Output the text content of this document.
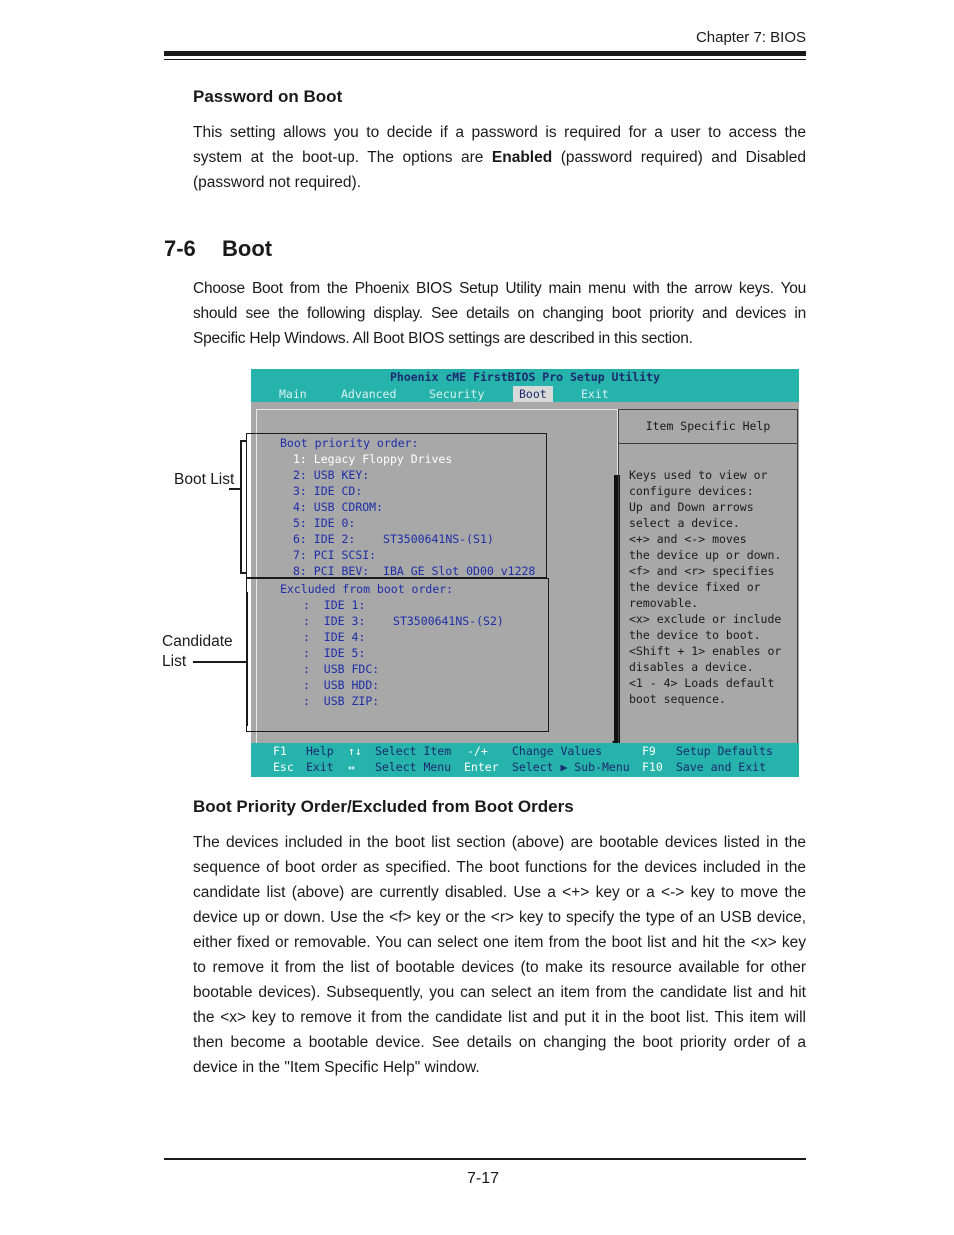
Chapter 7: BIOS
Password on Boot

This setting allows you to decide if a password is required for a user to access the system at the boot-up. The options are Enabled (password required) and Disabled (password not required).

7-6 Boot

Choose Boot from the Phoenix BIOS Setup Utility main menu with the arrow keys. You should see the following display. See details on changing boot priority and devices in Specific Help Windows. All Boot BIOS settings are described in this section.

Phoenix cME FirstBIOS Pro Setup Utility
Main	Advanced	Security	Boot	Exit
Boot priority order:
1: Legacy Floppy Drives
2: USB KEY:
3: IDE CD:
4: USB CDROM:
5: IDE 0:
6: IDE 2:    ST3500641NS-(S1)
7: PCI SCSI:
8: PCI BEV:  IBA GE Slot 0D00 v1228
Excluded from boot order:
: IDE 1:
: IDE 3:    ST3500641NS-(S2)
: IDE 4:
: IDE 5:
: USB FDC:
: USB HDD:
: USB ZIP:
Item Specific Help
Keys used to view or
configure devices:
Up and Down arrows
select a device.
<+> and <-> moves
the device up or down.
<f> and <r> specifies
the device fixed or
removable.
<x> exclude or include
the device to boot.
<Shift + 1> enables or
disables a device.
<1 - 4> Loads default
boot sequence.
F1 Help ↑↓ Select Item -/+ Change Values	F9 Setup Defaults
Esc Exit ↔ Select Menu Enter Select ▶ Sub-Menu F10 Save and Exit
Boot List
Candidate
List
Boot Priority Order/Excluded from Boot Orders

The devices included in the boot list section (above) are bootable devices listed in the sequence of boot order as specified. The boot functions for the devices included in the candidate list (above) are currently disabled. Use a <+> key or a <-> key to move the device up or down. Use the <f> key or the <r> key to specify the type of an USB device, either fixed or removable. You can select one item from the boot list and hit the <x> key to remove it from the list of bootable devices (to make its resource available for other bootable devices). Subsequently, you can select an item from the candidate list and hit the <x> key to remove it from the candidate list and put it in the boot list. This item will then become a bootable device. See details on changing the boot priority order of a device in the "Item Specific Help" window.

7-17
